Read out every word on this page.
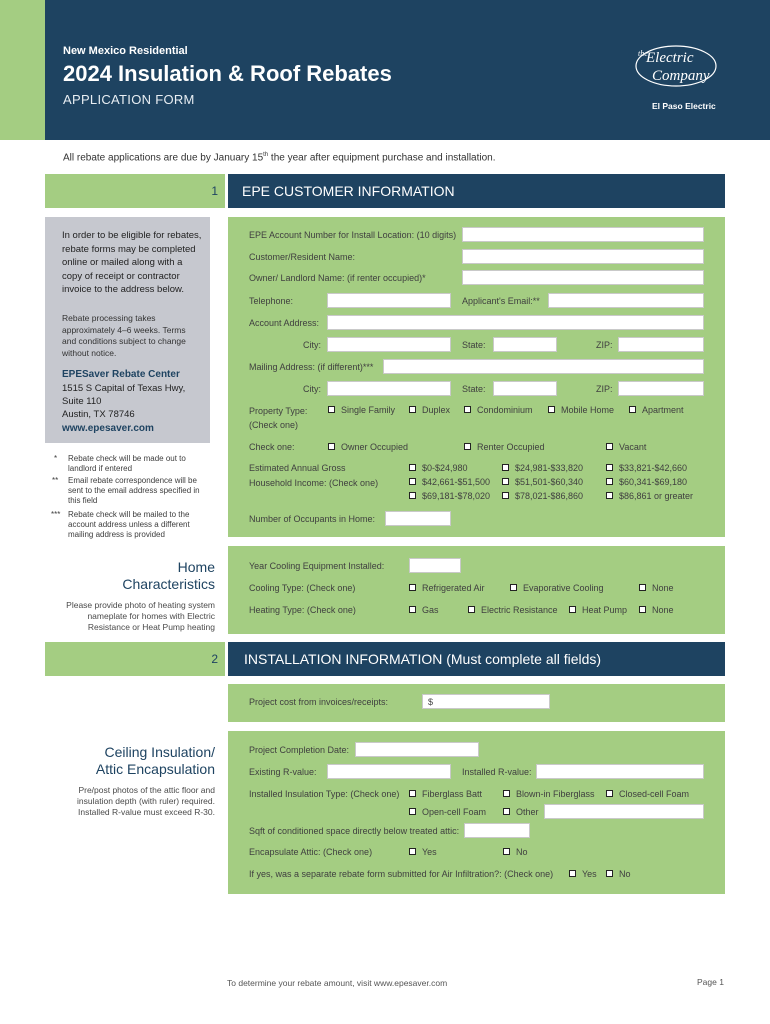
New Mexico Residential
2024 Insulation & Roof Rebates
APPLICATION FORM
Electric
Company
the
El Paso Electric
All rebate applications are due by January 15th the year after equipment purchase and installation.
1 EPE CUSTOMER INFORMATION
In order to be eligible for rebates, rebate forms may be completed online or mailed along with a copy of receipt or contractor invoice to the address below.
Rebate processing takes approximately 4–6 weeks. Terms and conditions subject to change without notice.
EPESaver Rebate Center
1515 S Capital of Texas Hwy,
Suite 110
Austin, TX 78746
www.epesaver.com
* Rebate check will be made out to landlord if entered
** Email rebate correspondence will be sent to the email address specified in this field
*** Rebate check will be mailed to the account address unless a different mailing address is provided
EPE Account Number for Install Location: (10 digits)
Customer/Resident Name:
Owner/ Landlord Name: (if renter occupied)*
Telephone:	Applicant's Email:**
Account Address:
City:	State:	ZIP:
Mailing Address: (if different)***
City:	State:	ZIP:
Property Type:
(Check one)
Single Family	Duplex	Condominium	Mobile Home	Apartment
Check one:	Owner Occupied	Renter Occupied	Vacant
Estimated Annual Gross
Household Income: (Check one)
$0-$24,980	$24,981-$33,820	$33,821-$42,660
$42,661-$51,500	$51,501-$60,340	$60,341-$69,180
$69,181-$78,020	$78,021-$86,860	$86,861 or greater
Number of Occupants in Home:
Home
Characteristics
Please provide photo of heating system nameplate for homes with Electric Resistance or Heat Pump heating
Year Cooling Equipment Installed:
Cooling Type: (Check one)	Refrigerated Air	Evaporative Cooling	None
Heating Type: (Check one)	Gas	Electric Resistance	Heat Pump	None
2 INSTALLATION INFORMATION (Must complete all fields)
Project cost from invoices/receipts:	$
Ceiling Insulation/
Attic Encapsulation
Pre/post photos of the attic floor and insulation depth (with ruler) required. Installed R-value must exceed R-30.
Project Completion Date:
Existing R-value:	Installed R-value:
Installed Insulation Type: (Check one)	Fiberglass Batt	Blown-in Fiberglass	Closed-cell Foam
Open-cell Foam	Other
Sqft of conditioned space directly below treated attic:
Encapsulate Attic: (Check one)	Yes	No
If yes, was a separate rebate form submitted for Air Infiltration?: (Check one)	Yes No
To determine your rebate amount, visit www.epesaver.com	Page 1
